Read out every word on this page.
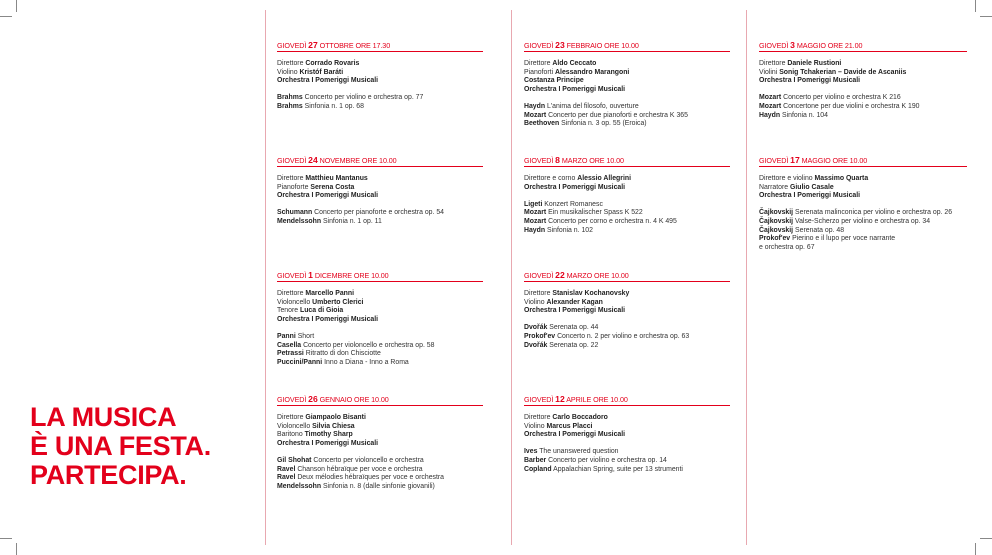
LA MUSICA
È UNA FESTA.
PARTECIPA.
GIOVEDÌ 27 OTTOBRE ORE 17.30
Direttore Corrado Rovaris
Violino Kristóf Baráti
Orchestra I Pomeriggi Musicali
Brahms Concerto per violino e orchestra op. 77
Brahms Sinfonia n. 1 op. 68
GIOVEDÌ 24 NOVEMBRE ORE 10.00
Direttore Matthieu Mantanus
Pianoforte Serena Costa
Orchestra I Pomeriggi Musicali
Schumann Concerto per pianoforte e orchestra op. 54
Mendelssohn Sinfonia n. 1 op. 11
GIOVEDÌ 1 DICEMBRE ORE 10.00
Direttore Marcello Panni
Violoncello Umberto Clerici
Tenore Luca di Gioia
Orchestra I Pomeriggi Musicali
Panni Short
Casella Concerto per violoncello e orchestra op. 58
Petrassi Ritratto di don Chisciotte
Puccini/Panni Inno a Diana - Inno a Roma
GIOVEDÌ 26 GENNAIO ORE 10.00
Direttore Giampaolo Bisanti
Violoncello Silvia Chiesa
Baritono Timothy Sharp
Orchestra I Pomeriggi Musicali
Gil Shohat Concerto per violoncello e orchestra
Ravel Chanson hébraïque per voce e orchestra
Ravel Deux mélodies hébraïques per voce e orchestra
Mendelssohn Sinfonia n. 8 (dalle sinfonie giovanili)
GIOVEDÌ 23 FEBBRAIO ORE 10.00
Direttore Aldo Ceccato
Pianoforti Alessandro Marangoni
Costanza Principe
Orchestra I Pomeriggi Musicali
Haydn L'anima del filosofo, ouverture
Mozart Concerto per due pianoforti e orchestra K 365
Beethoven Sinfonia n. 3 op. 55 (Eroica)
GIOVEDÌ 8 MARZO ORE 10.00
Direttore e corno Alessio Allegrini
Orchestra I Pomeriggi Musicali
Ligeti Konzert Romanesc
Mozart Ein musikalischer Spass K 522
Mozart Concerto per corno e orchestra n. 4 K 495
Haydn Sinfonia n. 102
GIOVEDÌ 22 MARZO ORE 10.00
Direttore Stanislav Kochanovsky
Violino Alexander Kagan
Orchestra I Pomeriggi Musicali
Dvořák Serenata op. 44
Prokof'ev Concerto n. 2 per violino e orchestra op. 63
Dvořák Serenata op. 22
GIOVEDÌ 12 APRILE ORE 10.00
Direttore Carlo Boccadoro
Violino Marcus Placci
Orchestra I Pomeriggi Musicali
Ives The unanswered question
Barber Concerto per violino e orchestra op. 14
Copland Appalachian Spring, suite per 13 strumenti
GIOVEDÌ 3 MAGGIO ORE 21.00
Direttore Daniele Rustioni
Violini Sonig Tchakerian – Davide de Ascaniis
Orchestra I Pomeriggi Musicali
Mozart Concerto per violino e orchestra K 216
Mozart Concertone per due violini e orchestra K 190
Haydn Sinfonia n. 104
GIOVEDÌ 17 MAGGIO ORE 10.00
Direttore e violino Massimo Quarta
Narratore Giulio Casale
Orchestra I Pomeriggi Musicali
Čajkovskij Serenata malinconica per violino e orchestra op. 26
Čajkovskij Valse-Scherzo per violino e orchestra op. 34
Čajkovskij Serenata op. 48
Prokof'ev Pierino e il lupo per voce narrante
e orchestra op. 67
